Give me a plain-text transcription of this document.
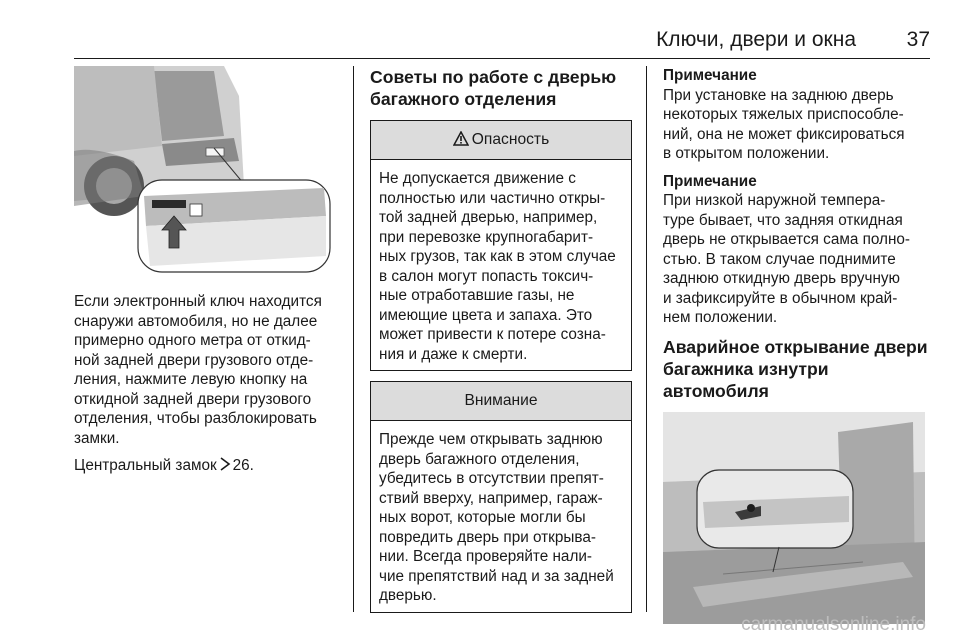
Ключи, двери и окна 37

Если электронный ключ находится
снаружи автомобиля, но не далее
примерно одного метра от откид-
ной задней двери грузового отде-
ления, нажмите левую кнопку на
откидной задней двери грузового
отделения, чтобы разблокировать
замки.

Центральный замок 26.

Советы по работе с дверью
багажного отделения
Опасность
Не допускается движение с
полностью или частично откры-
той задней дверью, например,
при перевозке крупногабарит-
ных грузов, так как в этом случае
в салон могут попасть токсич-
ные отработавшие газы, не
имеющие цвета и запаха. Это
может привести к потере созна-
ния и даже к смерти.
Внимание
Прежде чем открывать заднюю
дверь багажного отделения,
убедитесь в отсутствии препят-
ствий вверху, например, гараж-
ных ворот, которые могли бы
повредить дверь при открыва-
нии. Всегда проверяйте нали-
чие препятствий над и за задней
дверью.
Примечание

При установке на заднюю дверь
некоторых тяжелых приспособле-
ний, она не может фиксироваться
в открытом положении.

Примечание

При низкой наружной темпера-
туре бывает, что задняя откидная
дверь не открывается сама полно-
стью. В таком случае поднимите
заднюю откидную дверь вручную
и зафиксируйте в обычном край-
нем положении.

Аварийное открывание двери
багажника изнутри автомобиля
carmanualsonline.info
